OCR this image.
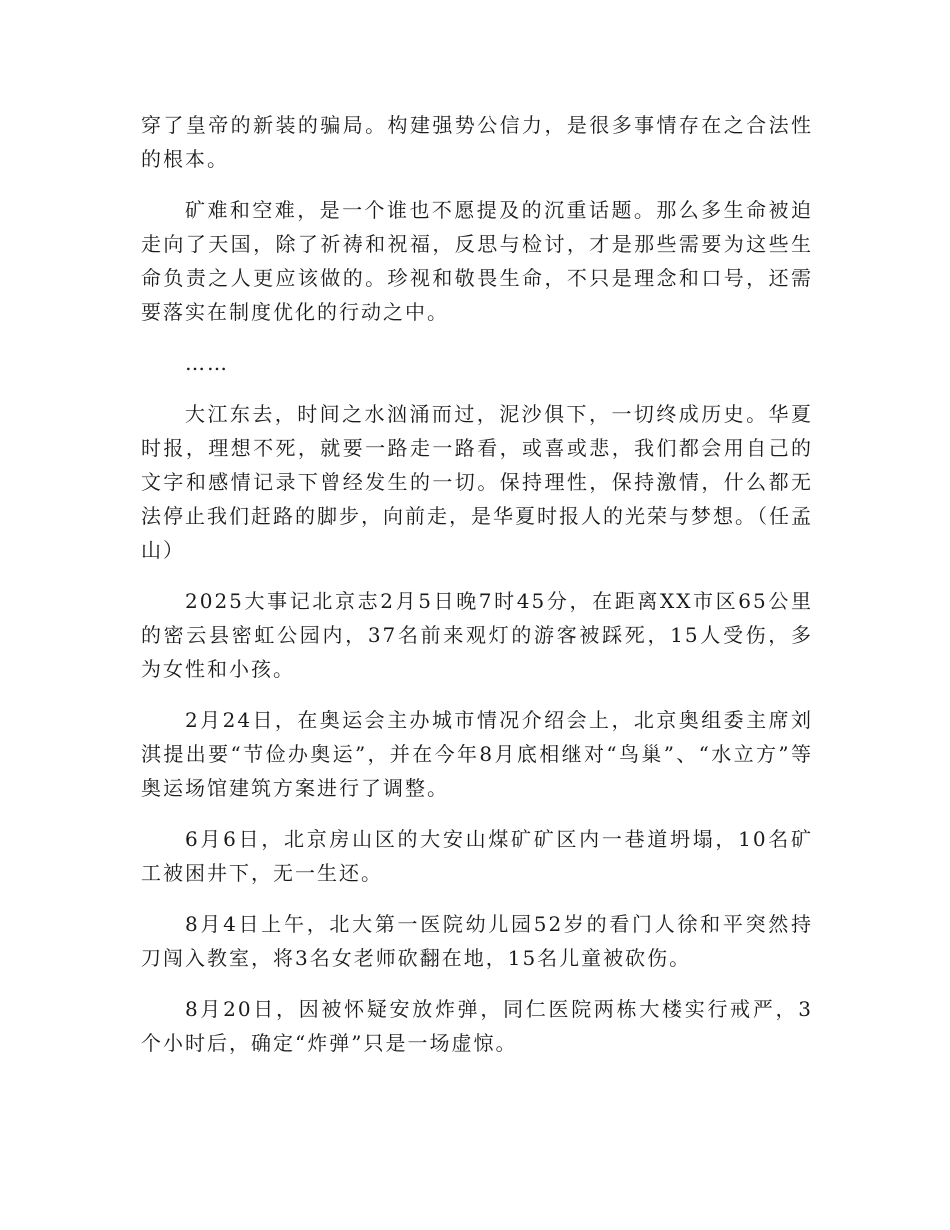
穿了皇帝的新装的骗局。构建强势公信力，是很多事情存在之合法性的根本。

矿难和空难，是一个谁也不愿提及的沉重话题。那么多生命被迫走向了天国，除了祈祷和祝福，反思与检讨，才是那些需要为这些生命负责之人更应该做的。珍视和敬畏生命，不只是理念和口号，还需要落实在制度优化的行动之中。

……

大江东去，时间之水汹涌而过，泥沙俱下，一切终成历史。华夏时报，理想不死，就要一路走一路看，或喜或悲，我们都会用自己的文字和感情记录下曾经发生的一切。保持理性，保持激情，什么都无法停止我们赶路的脚步，向前走，是华夏时报人的光荣与梦想。（任孟山）

2025大事记北京志2月5日晚7时45分，在距离XX市区65公里的密云县密虹公园内，37名前来观灯的游客被踩死，15人受伤，多为女性和小孩。

2月24日，在奥运会主办城市情况介绍会上，北京奥组委主席刘淇提出要“节俭办奥运”，并在今年8月底相继对“鸟巢”、“水立方”等奥运场馆建筑方案进行了调整。

6月6日，北京房山区的大安山煤矿矿区内一巷道坍塌，10名矿工被困井下，无一生还。

8月4日上午，北大第一医院幼儿园52岁的看门人徐和平突然持刀闯入教室，将3名女老师砍翻在地，15名儿童被砍伤。

8月20日，因被怀疑安放炸弹，同仁医院两栋大楼实行戒严，3个小时后，确定“炸弹”只是一场虚惊。
